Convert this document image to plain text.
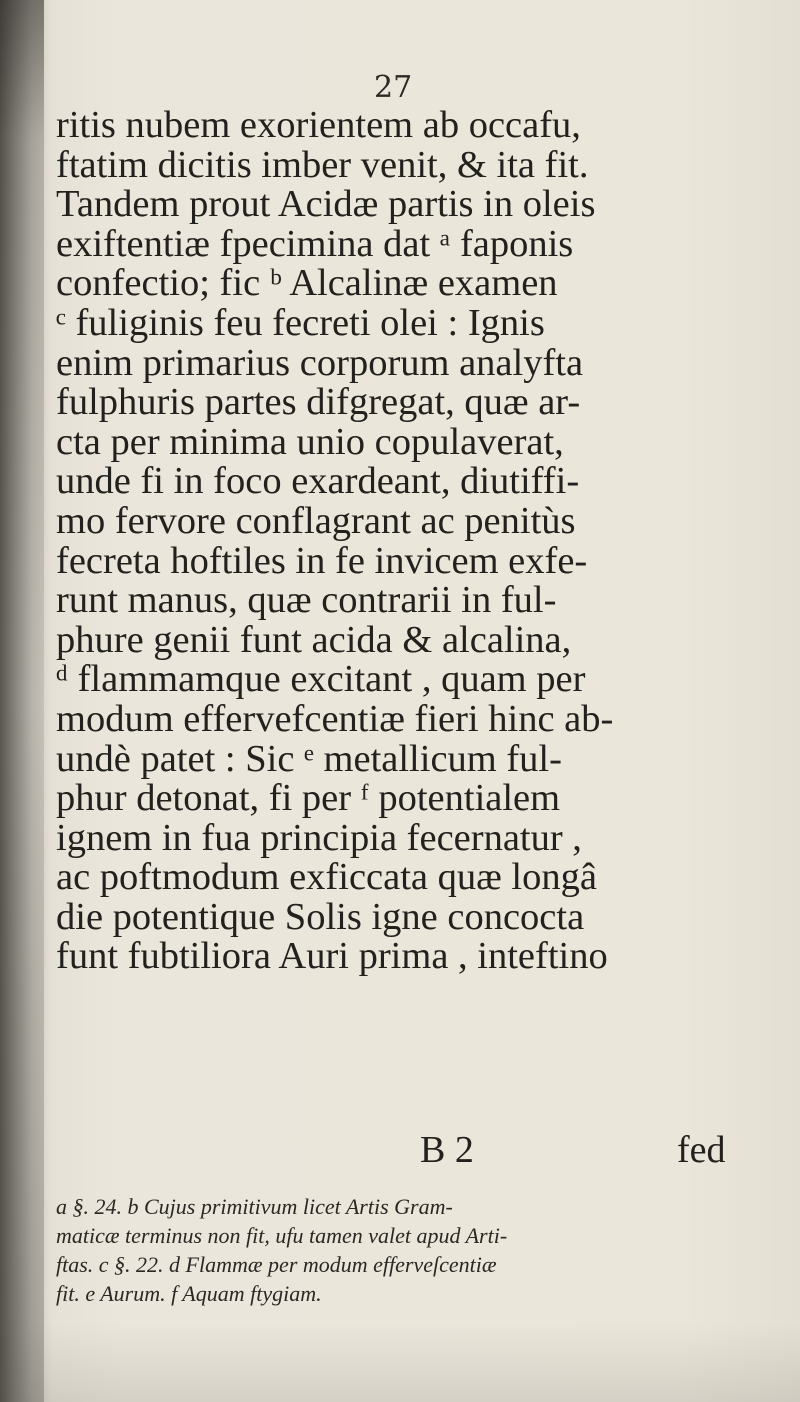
27
ritis nubem exorientem ab occafu,
ftatim dicitis imber venit, & ita fit.
Tandem prout Acidæ partis in oleis
exiftentiæ fpecimina dat ᵃ faponis
confectio; fic ᵇ Alcalinæ examen
ᶜ fuliginis feu fecreti olei : Ignis
enim primarius corporum analyfta
fulphuris partes difgregat, quæ ar-
cta per minima unio copulaverat,
unde fi in foco exardeant, diutiffi-
mo fervore conflagrant ac penitùs
fecreta hoftiles in fe invicem exfe-
runt manus, quæ contrarii in ful-
phure genii funt acida & alcalina,
ᵈ flammamque excitant , quam per
modum effervefcentiæ fieri hinc ab-
undè patet : Sic ᵉ metallicum ful-
phur detonat, fi per ᶠ potentialem
ignem in fua principia fecernatur ,
ac poftmodum exficcata quæ longâ
die potentique Solis igne concocta
funt fubtiliora Auri prima , inteftino
B 2	fed
a §. 24. b Cujus primitivum licet Artis Gram-
maticæ terminus non fit, ufu tamen valet apud Arti-
ftas. c §. 22. d Flammæ per modum efferveſcentiæ
fit. e Aurum. f Aquam ftygiam.
